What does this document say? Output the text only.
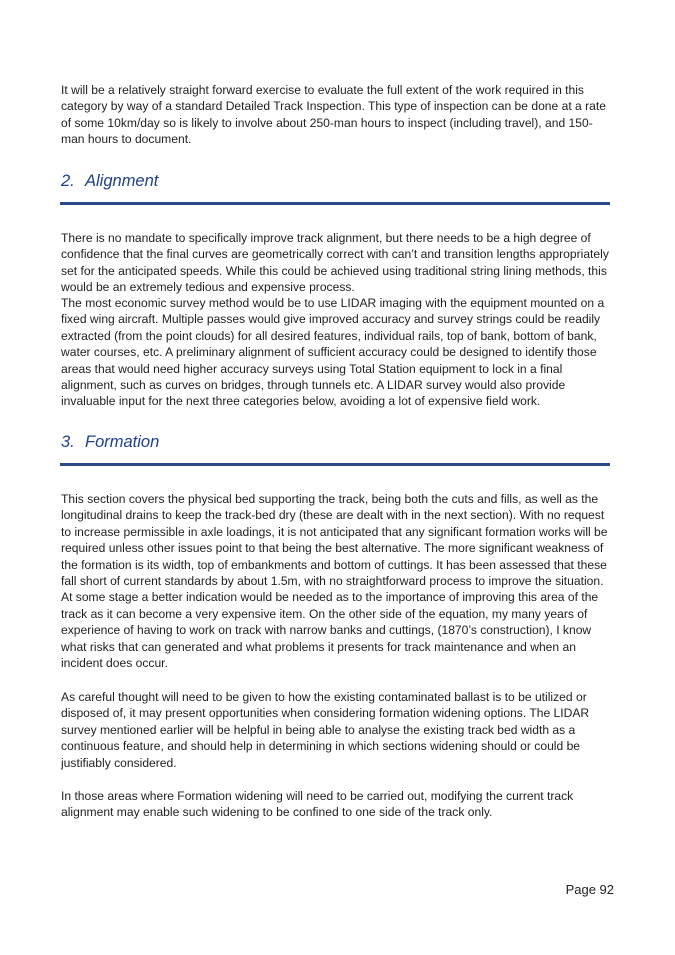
It will be a relatively straight forward exercise to evaluate the full extent of the work required in this category by way of a standard Detailed Track Inspection. This type of inspection can be done at a rate of some 10km/day so is likely to involve about 250-man hours to inspect (including travel), and 150-man hours to document.

2. Alignment

There is no mandate to specifically improve track alignment, but there needs to be a high degree of confidence that the final curves are geometrically correct with can’t and transition lengths appropriately set for the anticipated speeds. While this could be achieved using traditional string lining methods, this would be an extremely tedious and expensive process.

The most economic survey method would be to use LIDAR imaging with the equipment mounted on a fixed wing aircraft. Multiple passes would give improved accuracy and survey strings could be readily extracted (from the point clouds) for all desired features, individual rails, top of bank, bottom of bank, water courses, etc. A preliminary alignment of sufficient accuracy could be designed to identify those areas that would need higher accuracy surveys using Total Station equipment to lock in a final alignment, such as curves on bridges, through tunnels etc. A LIDAR survey would also provide invaluable input for the next three categories below, avoiding a lot of expensive field work.

3. Formation

This section covers the physical bed supporting the track, being both the cuts and fills, as well as the longitudinal drains to keep the track-bed dry (these are dealt with in the next section). With no request to increase permissible in axle loadings, it is not anticipated that any significant formation works will be required unless other issues point to that being the best alternative. The more significant weakness of the formation is its width, top of embankments and bottom of cuttings. It has been assessed that these fall short of current standards by about 1.5m, with no straightforward process to improve the situation. At some stage a better indication would be needed as to the importance of improving this area of the track as it can become a very expensive item. On the other side of the equation, my many years of experience of having to work on track with narrow banks and cuttings, (1870’s construction), I know what risks that can generated and what problems it presents for track maintenance and when an incident does occur.

As careful thought will need to be given to how the existing contaminated ballast is to be utilized or disposed of, it may present opportunities when considering formation widening options. The LIDAR survey mentioned earlier will be helpful in being able to analyse the existing track bed width as a continuous feature, and should help in determining in which sections widening should or could be justifiably considered.

In those areas where Formation widening will need to be carried out, modifying the current track alignment may enable such widening to be confined to one side of the track only.

Page 92
